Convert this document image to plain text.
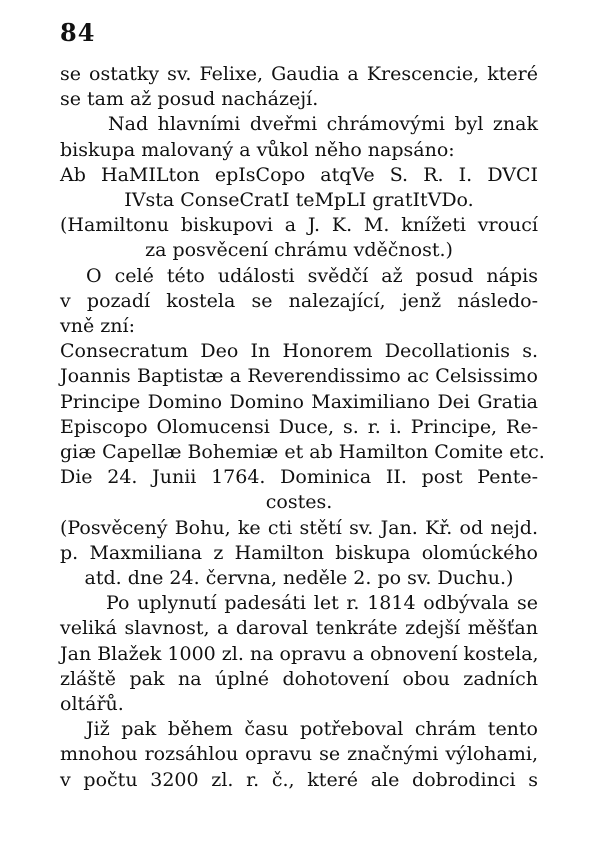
84
se ostatky sv. Felixe, Gaudia a Krescencie, které
se tam až posud nacházejí.
Nad hlavními dveřmi chrámovými byl znak
biskupa malovaný a vůkol něho napsáno:
Ab HaMILton epIsCopo atqVe S. R. I. DVCI
IVsta ConseCratI teMpLI gratItVDo.
(Hamiltonu biskupovi a J. K. M. knížeti vroucí
za posvěcení chrámu vděčnost.)
O celé této události svědčí až posud nápis
v pozadí kostela se nalezající, jenž následo-
vně zní:
Consecratum Deo In Honorem Decollationis s.
Joannis Baptistæ a Reverendissimo ac Celsissimo
Principe Domino Domino Maximiliano Dei Gratia
Episcopo Olomucensi Duce, s. r. i. Principe, Re-
giæ Capellæ Bohemiæ et ab Hamilton Comite etc.
Die 24. Junii 1764. Dominica II. post Pente-
costes.
(Posvěcený Bohu, ke cti stětí sv. Jan. Kř. od nejd.
p. Maxmiliana z Hamilton biskupa olomúckého
atd. dne 24. června, neděle 2. po sv. Duchu.)
Po uplynutí padesáti let r. 1814 odbývala se
veliká slavnost, a daroval tenkráte zdejší měšťan
Jan Blažek 1000 zl. na opravu a obnovení kostela,
zláště pak na úplné dohotovení obou zadních
oltářů.
Již pak během času potřeboval chrám tento
mnohou rozsáhlou opravu se značnými výlohami,
v počtu 3200 zl. r. č., které ale dobrodinci s
